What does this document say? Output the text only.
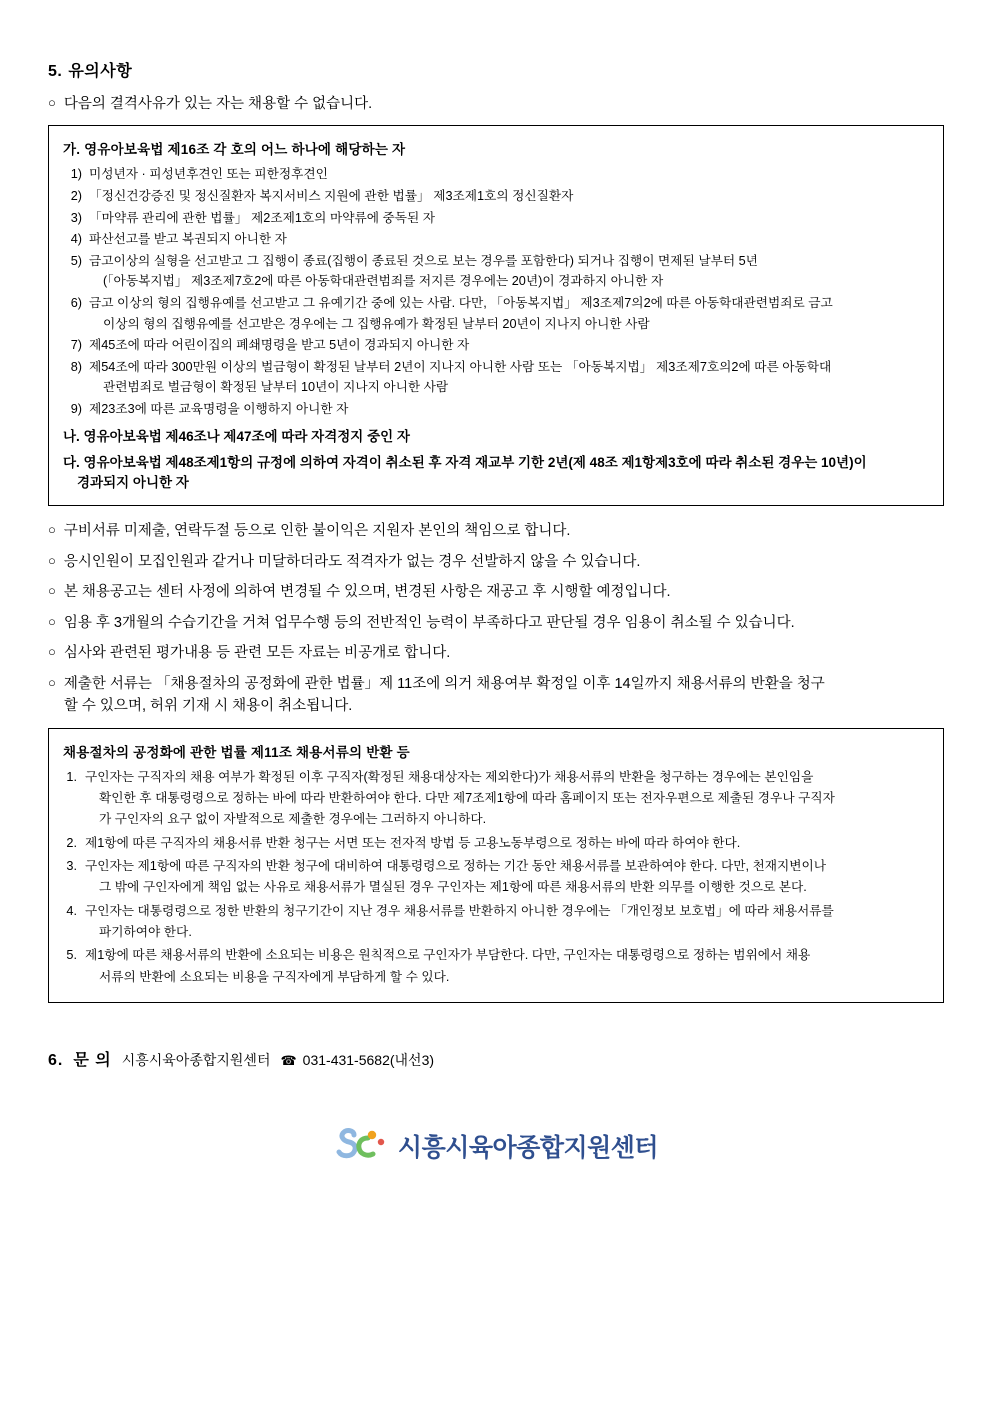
5. 유의사항
○ 다음의 결격사유가 있는 자는 채용할 수 없습니다.
가. 영유아보육법 제16조 각 호의 어느 하나에 해당하는 자
1) 미성년자 · 피성년후견인 또는 피한정후견인
2) 「정신건강증진 및 정신질환자 복지서비스 지원에 관한 법률」 제3조제1호의 정신질환자
3) 「마약류 관리에 관한 법률」 제2조제1호의 마약류에 중독된 자
4) 파산선고를 받고 복권되지 아니한 자
5) 금고이상의 실형을 선고받고 그 집행이 종료(집행이 종료된 것으로 보는 경우를 포함한다) 되거나 집행이 면제된 날부터 5년
(「아동복지법」 제3조제7호2에 따른 아동학대관련범죄를 저지른 경우에는 20년)이 경과하지 아니한 자
6) 금고 이상의 형의 집행유예를 선고받고 그 유예기간 중에 있는 사람. 다만, 「아동복지법」 제3조제7의2에 따른 아동학대관련범죄로 금고
이상의 형의 집행유예를 선고받은 경우에는 그 집행유예가 확정된 날부터 20년이 지나지 아니한 사람
7) 제45조에 따라 어린이집의 폐쇄명령을 받고 5년이 경과되지 아니한 자
8) 제54조에 따라 300만원 이상의 벌금형이 확정된 날부터 2년이 지나지 아니한 사람 또는 「아동복지법」 제3조제7호의2에 따른 아동학대
관련범죄로 벌금형이 확정된 날부터 10년이 지나지 아니한 사람
9) 제23조3에 따른 교육명령을 이행하지 아니한 자
나. 영유아보육법 제46조나 제47조에 따라 자격정지 중인 자
다. 영유아보육법 제48조제1항의 규정에 의하여 자격이 취소된 후 자격 재교부 기한 2년(제 48조 제1항제3호에 따라 취소된 경우는 10년)이
경과되지 아니한 자
○ 구비서류 미제출, 연락두절 등으로 인한 불이익은 지원자 본인의 책임으로 합니다.
○ 응시인원이 모집인원과 같거나 미달하더라도 적격자가 없는 경우 선발하지 않을 수 있습니다.
○ 본 채용공고는 센터 사정에 의하여 변경될 수 있으며, 변경된 사항은 재공고 후 시행할 예정입니다.
○ 임용 후 3개월의 수습기간을 거쳐 업무수행 등의 전반적인 능력이 부족하다고 판단될 경우 임용이 취소될 수 있습니다.
○ 심사와 관련된 평가내용 등 관련 모든 자료는 비공개로 합니다.
○ 제출한 서류는 「채용절차의 공정화에 관한 법률」제 11조에 의거 채용여부 확정일 이후 14일까지 채용서류의 반환을 청구
할 수 있으며, 허위 기재 시 채용이 취소됩니다.
채용절차의 공정화에 관한 법률 제11조 채용서류의 반환 등
1. 구인자는 구직자의 채용 여부가 확정된 이후 구직자(확정된 채용대상자는 제외한다)가 채용서류의 반환을 청구하는 경우에는 본인임을
확인한 후 대통령령으로 정하는 바에 따라 반환하여야 한다. 다만 제7조제1항에 따라 홈페이지 또는 전자우편으로 제출된 경우나 구직자
가 구인자의 요구 없이 자발적으로 제출한 경우에는 그러하지 아니하다.
2. 제1항에 따른 구직자의 채용서류 반환 청구는 서면 또는 전자적 방법 등 고용노동부령으로 정하는 바에 따라 하여야 한다.
3. 구인자는 제1항에 따른 구직자의 반환 청구에 대비하여 대통령령으로 정하는 기간 동안 채용서류를 보관하여야 한다. 다만, 천재지변이나
그 밖에 구인자에게 책임 없는 사유로 채용서류가 멸실된 경우 구인자는 제1항에 따른 채용서류의 반환 의무를 이행한 것으로 본다.
4. 구인자는 대통령령으로 정한 반환의 청구기간이 지난 경우 채용서류를 반환하지 아니한 경우에는 「개인정보 보호법」에 따라 채용서류를
파기하여야 한다.
5. 제1항에 따른 채용서류의 반환에 소요되는 비용은 원칙적으로 구인자가 부담한다. 다만, 구인자는 대통령령으로 정하는 범위에서 채용
서류의 반환에 소요되는 비용을 구직자에게 부담하게 할 수 있다.
6. 문 의 시흥시육아종합지원센터 ☎ 031-431-5682(내선3)
시흥시육아종합지원센터
